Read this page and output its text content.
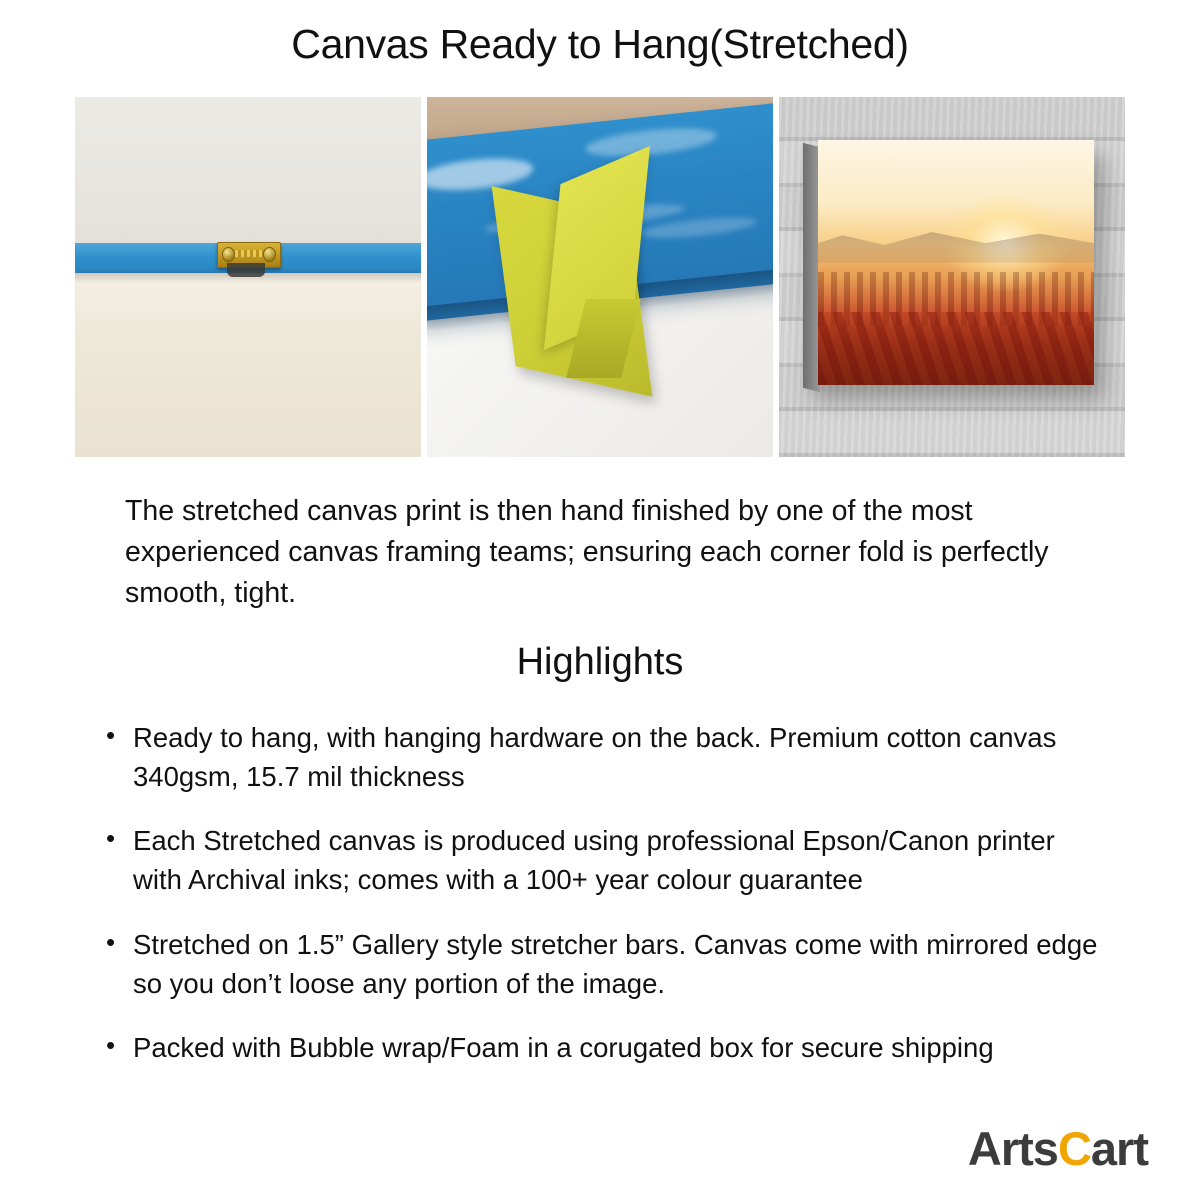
Canvas Ready to Hang(Stretched)

The stretched canvas print is then hand finished by one of the most experienced canvas framing teams; ensuring each corner fold is perfectly smooth, tight.

Highlights
• Ready to hang, with hanging hardware on the back. Premium cotton canvas 340gsm, 15.7 mil thickness
• Each Stretched canvas is produced using professional Epson/Canon printer with Archival inks; comes with a 100+ year colour guarantee
• Stretched on 1.5” Gallery style stretcher bars. Canvas come with mirrored edge so you don’t loose any portion of the image.
• Packed with Bubble wrap/Foam in a corugated box for secure shipping
ArtsCart
